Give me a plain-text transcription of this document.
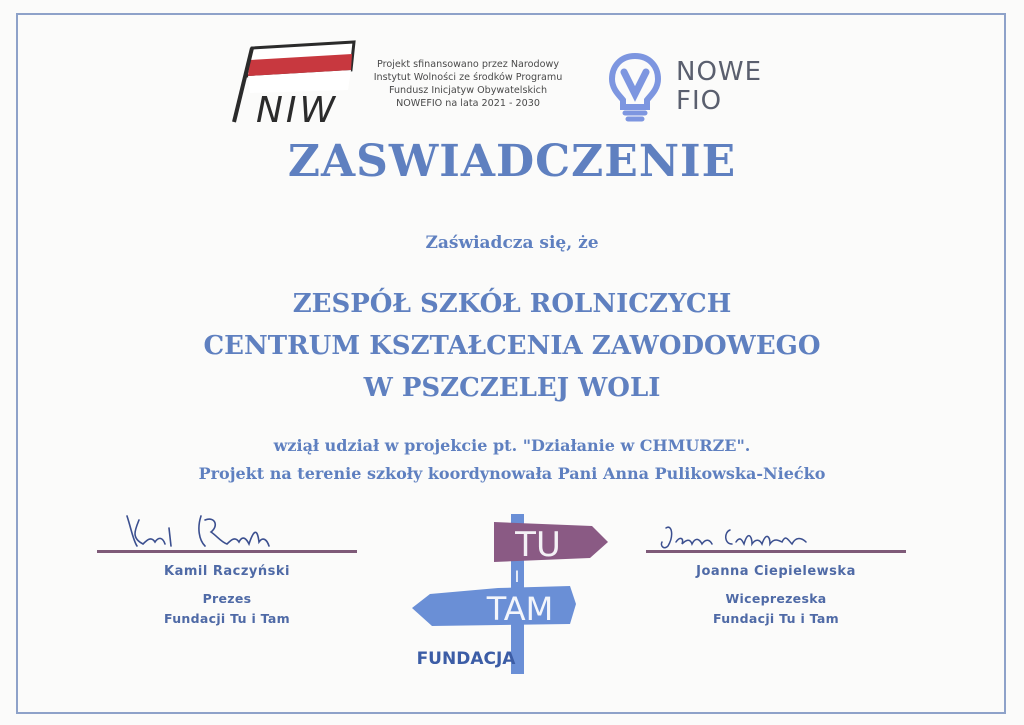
NIW
Projekt sfinansowano przez Narodowy
Instytut Wolności ze środków Programu
Fundusz Inicjatyw Obywatelskich
NOWEFIO na lata 2021 - 2030
NOWE
FIO
ZASWIADCZENIE
Zaświadcza się, że
ZESPÓŁ SZKÓŁ ROLNICZYCH
CENTRUM KSZTAŁCENIA ZAWODOWEGO
W PSZCZELEJ WOLI
wziął udział w projekcie pt. "Działanie w CHMURZE".
Projekt na terenie szkoły koordynowała Pani Anna Pulikowska-Niećko
Kamil Raczyński
Prezes
Fundacji Tu i Tam
Joanna Ciepielewska
Wiceprezeska
Fundacji Tu i Tam
TU
I
TAM
FUNDACJA
